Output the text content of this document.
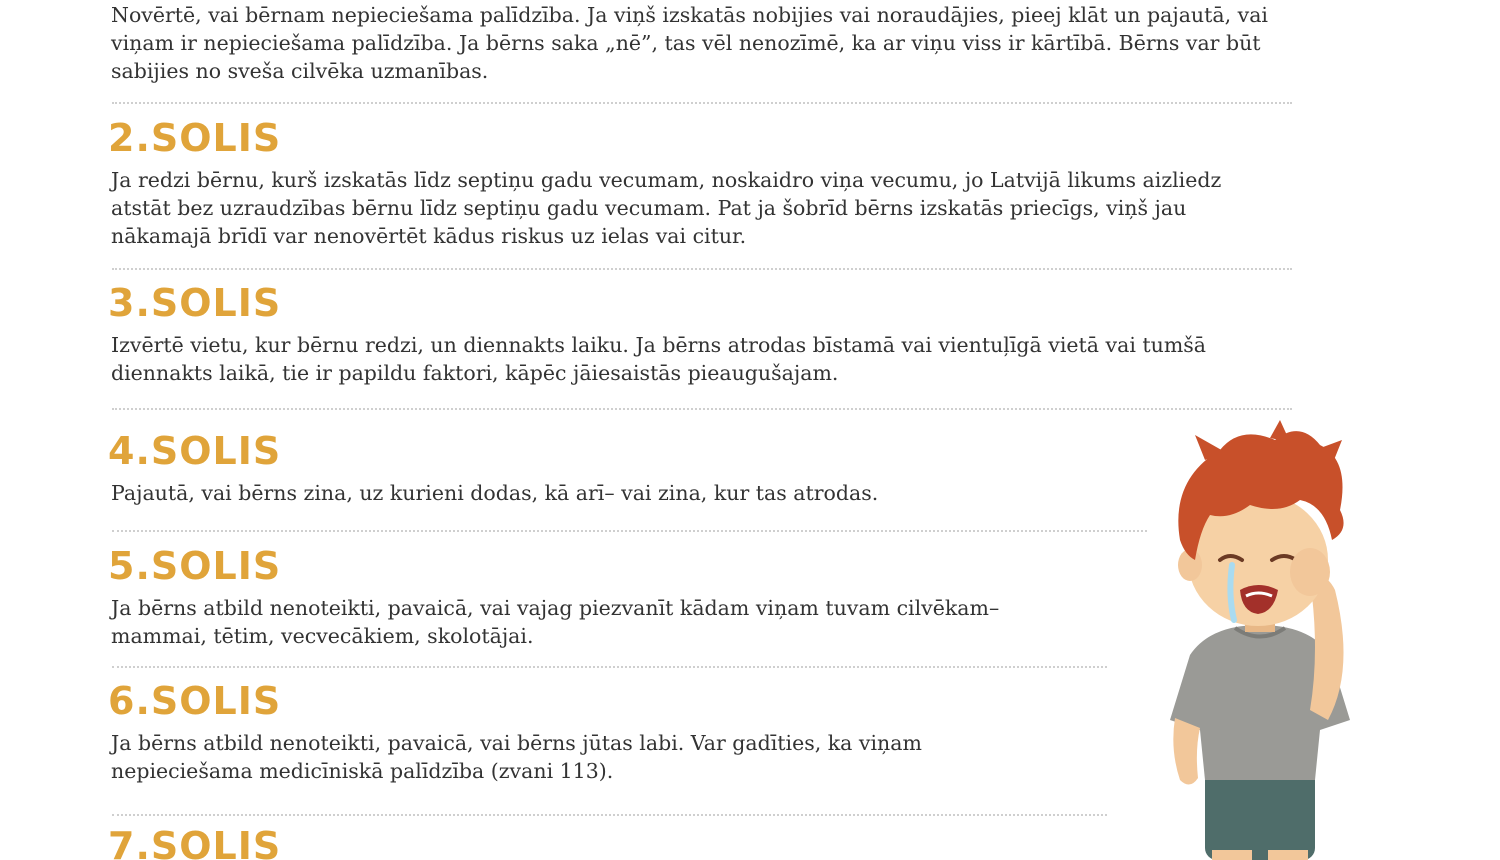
Novērtē, vai bērnam nepieciešama palīdzība. Ja viņš izskatās nobijies vai noraudājies, pieej klāt un pajautā, vai
viņam ir nepieciešama palīdzība. Ja bērns saka „nē”, tas vēl nenozīmē, ka ar viņu viss ir kārtībā. Bērns var būt
sabijies no sveša cilvēka uzmanības.

2.SOLIS

Ja redzi bērnu, kurš izskatās līdz septiņu gadu vecumam, noskaidro viņa vecumu, jo Latvijā likums aizliedz
atstāt bez uzraudzības bērnu līdz septiņu gadu vecumam. Pat ja šobrīd bērns izskatās priecīgs, viņš jau
nākamajā brīdī var nenovērtēt kādus riskus uz ielas vai citur.

3.SOLIS

Izvērtē vietu, kur bērnu redzi, un diennakts laiku. Ja bērns atrodas bīstamā vai vientuļīgā vietā vai tumšā
diennakts laikā, tie ir papildu faktori, kāpēc jāiesaistās pieaugušajam.

4.SOLIS

Pajautā, vai bērns zina, uz kurieni dodas, kā arī– vai zina, kur tas atrodas.

5.SOLIS

Ja bērns atbild nenoteikti, pavaicā, vai vajag piezvanīt kādam viņam tuvam cilvēkam–
mammai, tētim, vecvecākiem, skolotājai.

6.SOLIS

Ja bērns atbild nenoteikti, pavaicā, vai bērns jūtas labi. Var gadīties, ka viņam
nepieciešama medicīniskā palīdzība (zvani 113).

7.SOLIS
